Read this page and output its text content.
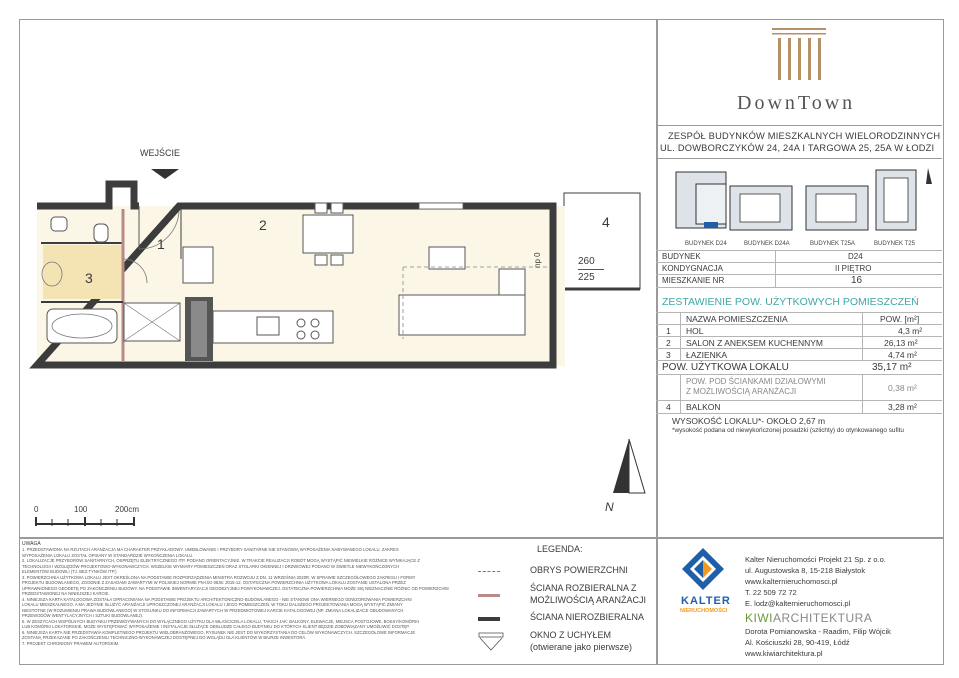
WEJŚCIE
1
2
3
4
np 0	260
225
N
0	100	200cm
DownTown
ZESPÓŁ BUDYNKÓW MIESZKALNYCH WIELORODZINNYCH
UL. DOWBORCZYKÓW 24, 24A I TARGOWA 25, 25A W ŁODZI
BUDYNEK D24	BUDYNEK D24A	BUDYNEK T25A	BUDYNEK T25
BUDYNEK	D24
KONDYGNACJA	II PIĘTRO
MIESZKANIE NR	16
ZESTAWIENIE POW. UŻYTKOWYCH POMIESZCZEŃ
NAZWA POMIESZCZENIA	POW. [m²]
1 HOL	4,3 m²
2 SALON Z ANEKSEM KUCHENNYM	26,13 m²
3 ŁAZIENKA	4,74 m²
POW. UŻYTKOWA LOKALU	35,17 m²
POW. POD ŚCIANKAMI DZIAŁOWYMI
Z MOŻLIWOŚCIĄ ARANŻACJI	0,38 m²
4 BALKON	3,28 m²
WYSOKOŚĆ LOKALU*- OKOŁO 2,67 m
*wysokość podana od niewykończonej posadzki (szlichty) do otynkowanego sufitu
UWAGA
1. PRZEDSTAWIONA NA RZUTACH ARANŻACJA MA CHARAKTER PRZYKŁADOWY. UMEBLOWANIE I PRZYBORY SANITARNE NIE STANOWIĄ WYPOSAŻENIA NABYWANEGO LOKALU. ZAKRES
WYPOSAŻENIA LOKALU ZOSTAŁ OPISANY W STANDARDZIE WYKOŃCZENIA LOKALU.
2. LOKALIZACJE PRZYBORÓW SANITARNYCH, OSPRZĘTU ELEKTRYCZNEGO ITP. PODANO ORIENTACYJNIE. W TRAKCIE REALIZACJI ROBÓT MOGĄ WYSTĄPIĆ NIEWIELKIE RÓŻNICE WYNIKAJĄCE Z
TECHNOLOGII I WZGLĘDÓW PROJEKTOWO-WYKONAWCZYCH. WSZELKIE WYMIARY POMIESZCZEŃ ORAZ STOLARKI OKIENNEJ I DRZWIOWEJ PODANO W ŚWIETLE NIEWYKOŃCZONYCH
ELEMENTÓW BUDOWLI (TJ. BEZ TYNKÓW ITP.)
3. POWIERZCHNIA UŻYTKOWA LOKALU JEST OKREŚLONA NA PODSTAWIE ROZPORZĄDZENIA MINISTRA ROZWOJU Z DN. 11 WRZEŚNIA 2020R. W SPRAWIE SZCZEGÓŁOWEGO ZAKRESU I FORMY
PROJEKTU BUDOWLANEGO, ZGODNIE Z ZASADAMI ZAWARTYMI W POLSKIEJ NORMIE PN-ISO 9836: 2015-12. OSTATECZNA POWIERZCHNIA UŻYTKOWA LOKALU ZOSTANIE USTALONA PRZEZ
UPRAWNIONEGO GEODETĘ PO ZAKOŃCZENIU BUDOWY. NA PODSTAWIE INWENTARYZACJI GEODEZYJNEJ POWYKONAWCZEJ. OSTATECZNA POWIERZCHNIA MOŻE SIĘ NIEZNACZNIE RÓŻNIĆ OD POWIERZCHNI
PRZEDSTAWIONEJ NA NINIEJSZEJ KARCIE.
4. NINIEJSZA KARTA KATALOGOWA ZOSTAŁA OPRACOWANA NA PODSTAWIE PROJEKTU ARCHITEKTONICZNO-BUDOWLANEGO - NIE STANOWI ONA WIERNEGO ODWZOROWANIA POWIERZCHNI
LOKALU MIESZKALNEGO. A MA JEDYNIE SŁUŻYĆ ARANŻACJI UPROSZCZONEJ ARANŻACJI LOKALU I JEGO POMIESZCZEŃ. W TOKU DALSZEGO PROJEKTOWANIA MOGĄ WYSTĄPIĆ ZMIANY
NIESTOTNE (W ROZUMIENIU PRAWA BUDOWLANEGO) W STOSUNKU DO INFORMACJI ZAWARTYCH W PRZEDMIOTOWEJ KARCIE KATALOGOWEJ (NP. ZMIANA LOKALIZACJI OBUDOWANYCH
PRZEWODÓW WENTYLACYJNYCH I SZTUKI BUDOWLANEJ).
5. W ZESZYCACH WSPÓLNYCH BUDYNKU PRZEWIDYWANYCH DO WYŁĄCZNEGO UŻYTKU DLA WŁAŚCICIELA LOKALU, TAKICH JAK: BALKONY, ELEWACJE, MIEJSCA POSTOJOWE, BOKSY/KOMÓRKI
LUB KOMÓRKI LOKATORSKIE, MOŻE WYSTĘPOWAĆ WYPOSAŻENIE I INSTALACJE SŁUŻĄCE OBSŁUDZE CAŁEGO BUDYNKU DO KTÓRYCH KLIENT BĘDZIE ZOBOWIĄZANY UMOŻLIWIĆ DOSTĘP.
6. NINIEJSZA KARTA NIE PRZEDSTAWIA KOMPLETNEGO PROJEKTU WIELOBRANŻOWEGO, RYSUNEK NIE JEST DO WYKORZYSTANIA DO CELÓW WYKONAWCZYCH. SZCZEGÓŁOWE INFORMACJE
ZOSTANĄ PRZEKAZANE PO ZAKOŃCZENIU TECHNICZNO-WYKONAWCZEJ DOSTĘPNEJ DO WGLĄDU DLA KLIENTÓW W BIURZE INWESTORA.
7. PROJEKT CHRONIONY PRAWEM AUTORSKIM.
LEGENDA:
OBRYS POWIERZCHNI
ŚCIANA ROZBIERALNA Z
MOŻLIWOŚCIĄ ARANŻACJI
ŚCIANA NIEROZBIERALNA
OKNO Z UCHYŁEM
(otwierane jako pierwsze)
KALTER
NIERUCHOMOŚCI
Kalter Nieruchomości Projekt 21 Sp. z o.o.
ul. Augustowska 8, 15-218 Białystok
www.kalternieruchomosci.pl
T. 22 509 72 72
E. lodz@kalternieruchomosci.pl
KIWIARCHITEKTURA
Dorota Pomianowska - Raadim, Filip Wójcik
Al. Kościuszki 28, 90-419, Łódź
www.kiwiarchitektura.pl
